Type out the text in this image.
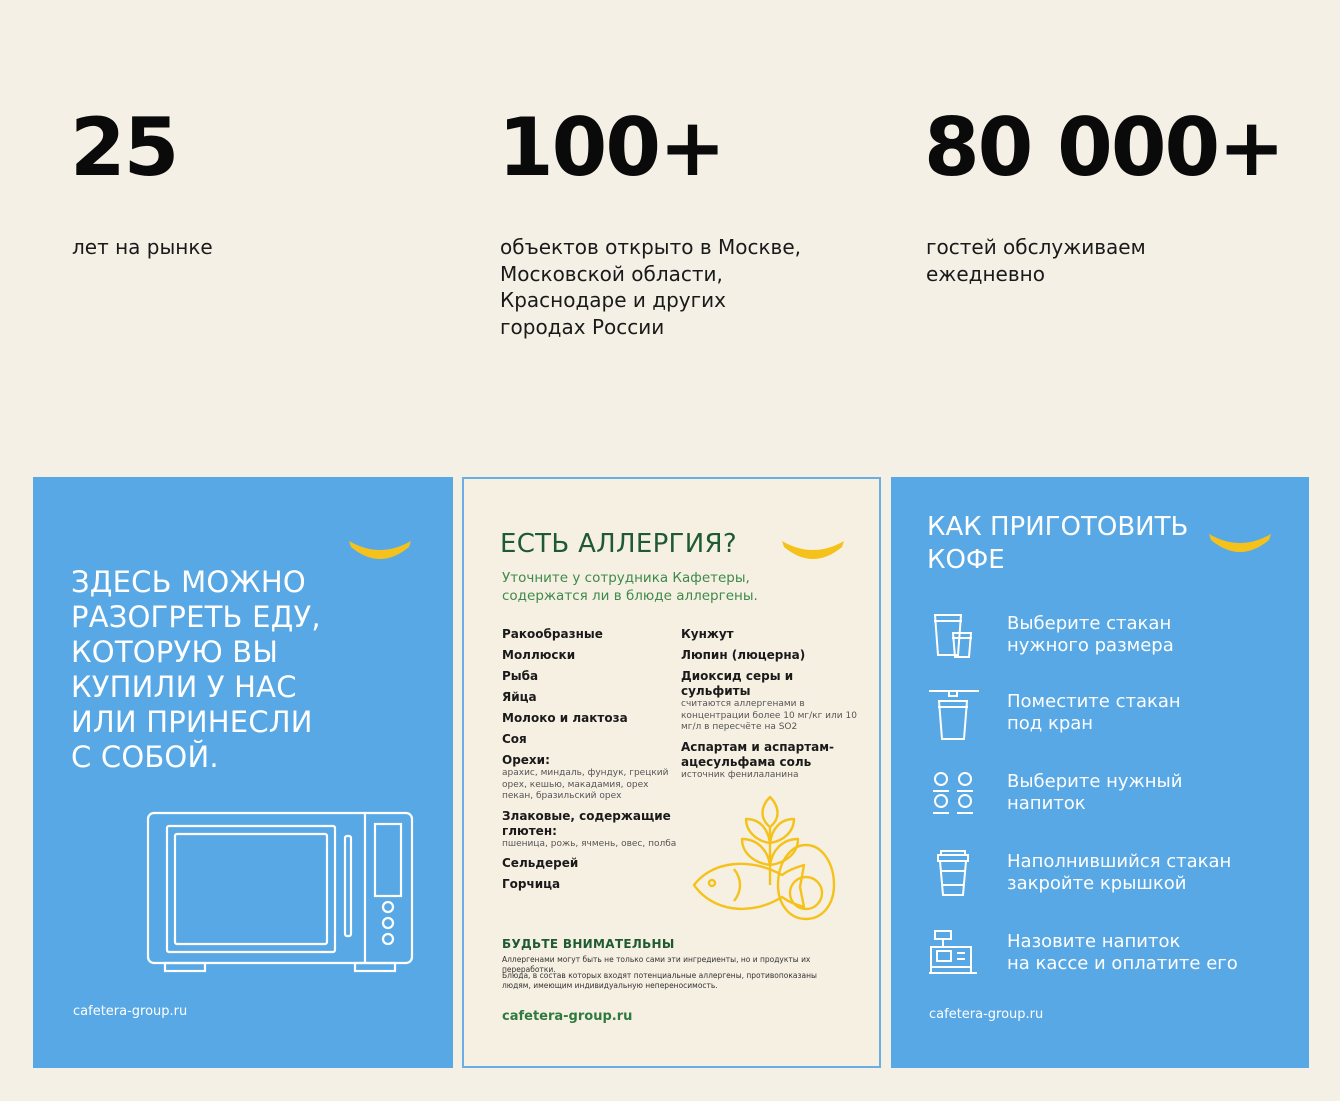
25
лет на рынке
100+
объектов открыто в Москве,
Московской области,
Краснодаре и других
городах России
80 000+
гостей обслуживаем
ежедневно
ЗДЕСЬ МОЖНО
РАЗОГРЕТЬ ЕДУ,
КОТОРУЮ ВЫ
КУПИЛИ У НАС
ИЛИ ПРИНЕСЛИ
С СОБОЙ.
cafetera-group.ru
ЕСТЬ АЛЛЕРГИЯ?
Уточните у сотрудника Кафетеры,
содержатся ли в блюде аллергены.
Ракообразные
Моллюски
Рыба
Яйца
Молоко и лактоза
Соя
Орехи:
арахис, миндаль, фундук, грецкий орех, кешью, макадамия, орех пекан, бразильский орех
Злаковые, содержащие глютен:
пшеница, рожь, ячмень, овес, полба
Сельдерей
Горчица
Кунжут
Люпин (люцерна)
Диоксид серы и сульфиты
считаются аллергенами в концентрации более 10 мг/кг или 10 мг/л в пересчёте на SO2
Аспартам и аспартам-ацесульфама соль
источник фенилаланина
БУДЬТЕ ВНИМАТЕЛЬНЫ
Аллергенами могут быть не только сами эти ингредиенты, но и продукты их переработки.
Блюда, в состав которых входят потенциальные аллергены, противопоказаны людям, имеющим индивидуальную непереносимость.
cafetera-group.ru
КАК ПРИГОТОВИТЬ
КОФЕ
Выберите стакан
нужного размера
Поместите стакан
под кран
Выберите нужный
напиток
Наполнившийся стакан
закройте крышкой
Назовите напиток
на кассе и оплатите его
cafetera-group.ru
